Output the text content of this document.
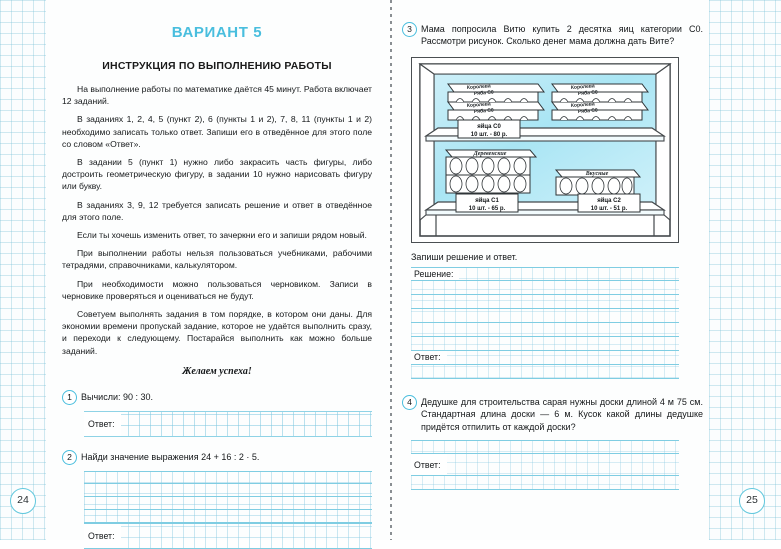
ВАРИАНТ 5
ИНСТРУКЦИЯ ПО ВЫПОЛНЕНИЮ РАБОТЫ

На выполнение работы по математике даётся 45 минут. Работа включает 12 заданий.

В заданиях 1, 2, 4, 5 (пункт 2), 6 (пункты 1 и 2), 7, 8, 11 (пункты 1 и 2) необходимо записать только ответ. Запиши его в отведённое для этого поле со словом «Ответ».

В задании 5 (пункт 1) нужно либо закрасить часть фигуры, либо достроить геометрическую фигуру, в задании 10 нужно нарисовать фигуру или букву.

В заданиях 3, 9, 12 требуется записать решение и ответ в отведённое для этого поле.

Если ты хочешь изменить ответ, то зачеркни его и запиши рядом новый.

При выполнении работы нельзя пользоваться учебниками, рабочими тетрадями, справочниками, калькулятором.

При необходимости можно пользоваться черновиком. Записи в черновике проверяться и оцениваться не будут.

Советуем выполнять задания в том порядке, в котором они даны. Для экономии времени пропускай задание, которое не удаётся выполнить сразу, и переходи к следующему. Постарайся выполнить как можно больше заданий.

Желаем успеха!
1	Вычисли: 90 : 30.
Ответ:
2	Найди значение выражения 24 + 16 : 2 · 5.
Ответ:
24
3	Мама попросила Витю купить 2 десятка яиц категории С0. Рассмотри рисунок. Сколько денег мама должна дать Вите?
Королева
Ряба С0
Королева
Ряба С0
Королева
Ряба С0
Королева
Ряба С0
яйца С0
10 шт. - 80 р.
Деревенские
Вкусные
яйца С1
10 шт. - 65 р.
яйца С2
10 шт. - 51 р.
Запиши решение и ответ.
Решение:
Ответ:
4	Дедушке для строительства сарая нужны доски длиной 4 м 75 см. Стандартная длина доски — 6 м. Кусок какой длины дедушке придётся отпилить от каждой доски?
Ответ:
25
